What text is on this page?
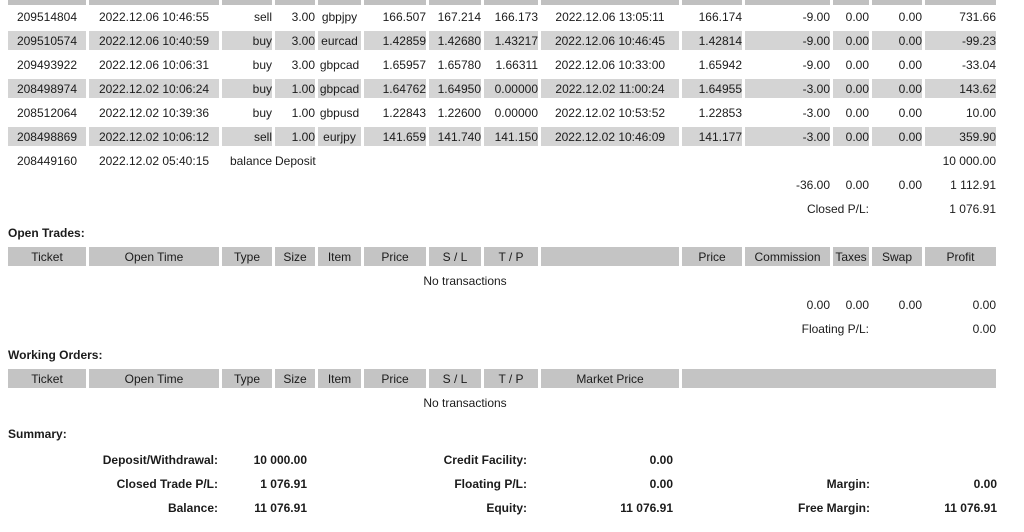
209514804	2022.12.06 10:46:55	sell	3.00	gbpjpy	166.507	167.214	166.173	2022.12.06 13:05:11	166.174	-9.00	0.00	0.00	731.66
209510574	2022.12.06 10:40:59	buy	3.00	eurcad	1.42859	1.42680	1.43217	2022.12.06 10:46:45	1.42814	-9.00	0.00	0.00	-99.23
209493922	2022.12.06 10:06:31	buy	3.00	gbpcad	1.65957	1.65780	1.66311	2022.12.06 10:33:00	1.65942	-9.00	0.00	0.00	-33.04
208498974	2022.12.02 10:06:24	buy	1.00	gbpcad	1.64762	1.64950	0.00000	2022.12.02 11:00:24	1.64955	-3.00	0.00	0.00	143.62
208512064	2022.12.02 10:39:36	buy	1.00	gbpusd	1.22843	1.22600	0.00000	2022.12.02 10:53:52	1.22853	-3.00	0.00	0.00	10.00
208498869	2022.12.02 10:06:12	sell	1.00	eurjpy	141.659	141.740	141.150	2022.12.02 10:46:09	141.177	-3.00	0.00	0.00	359.90
208449160	2022.12.02 05:40:15	balance	Deposit										10 000.00
										-36.00	0.00	0.00	1 112.91
										Closed P/L:		1 076.91	
Open Trades:
Ticket	Open Time	Type	Size	Item	Price	S / L	T / P		Price	Commission	Taxes	Swap	Profit
No transactions													
										0.00	0.00	0.00	0.00
										Floating P/L:		0.00	
Working Orders:
Ticket	Open Time	Type	Size	Item	Price	S / L	T / P	Market Price		
No transactions										
Summary:
Deposit/Withdrawal:	10 000.00	Credit Facility:	0.00		
Closed Trade P/L:	1 076.91	Floating P/L:	0.00	Margin:	0.00
Balance:	11 076.91	Equity:	11 076.91	Free Margin:	11 076.91
